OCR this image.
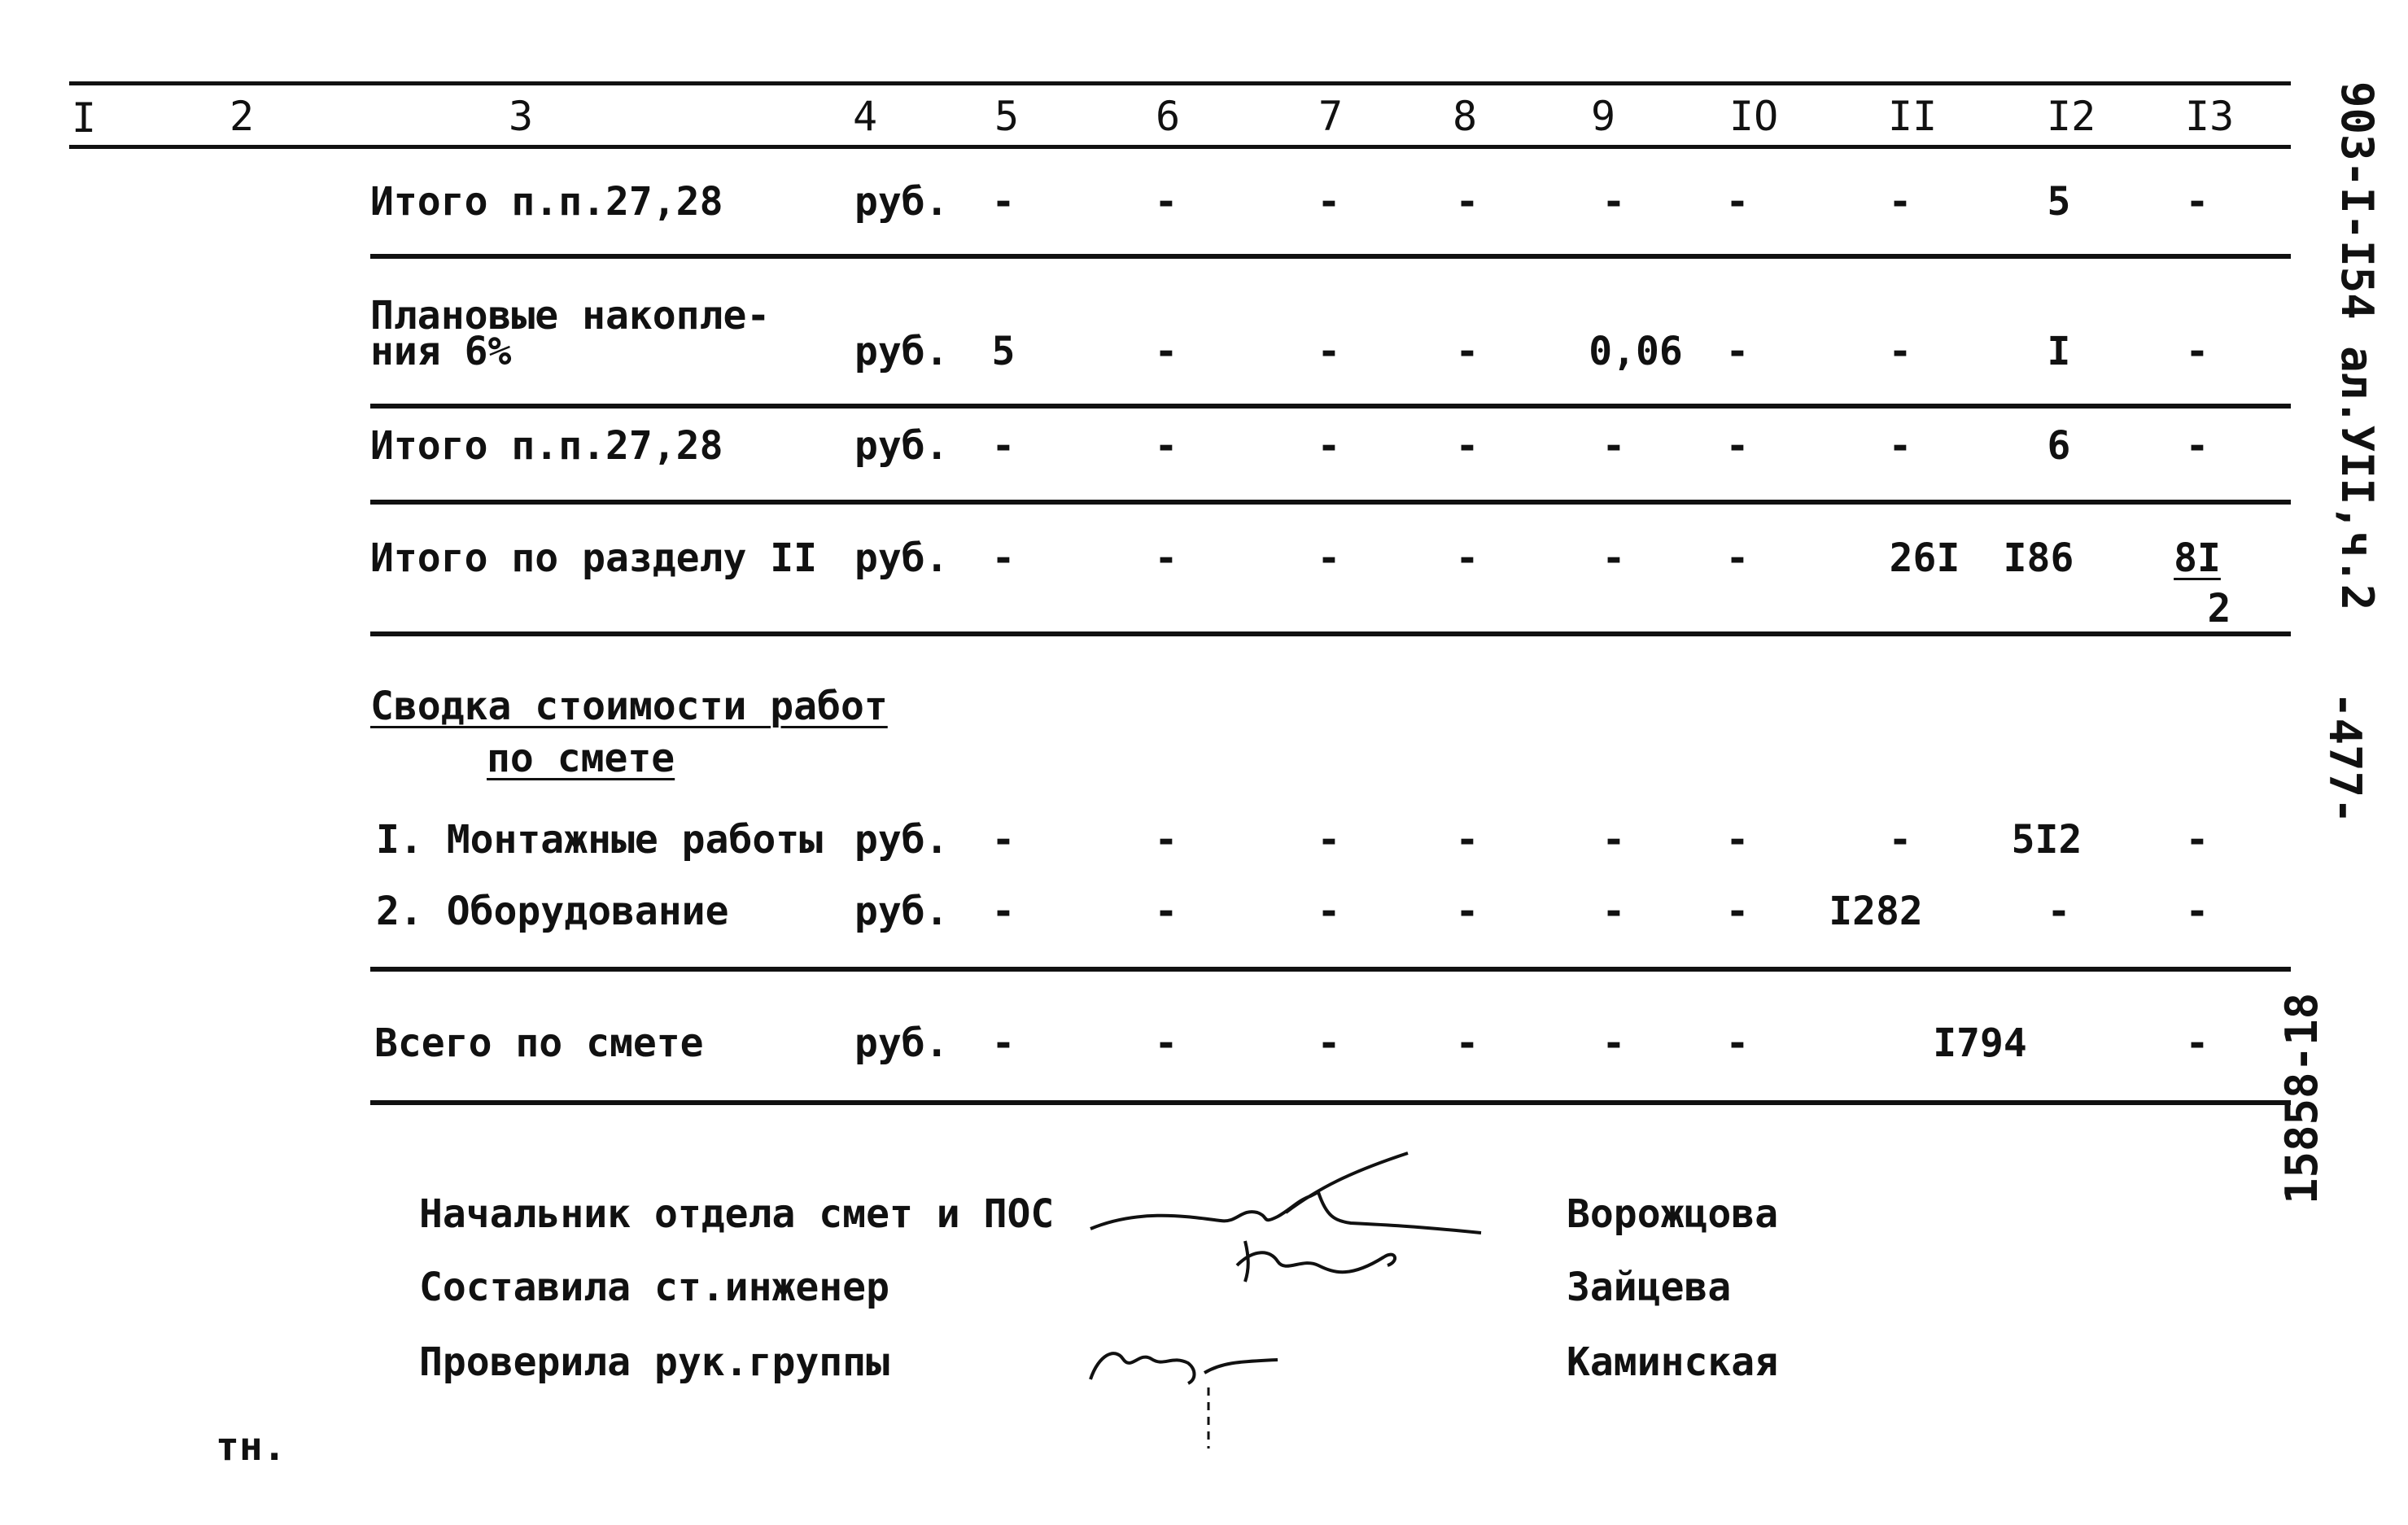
I	2	3	4	5	6	7	8	9	IO	II	I2 I3
Итого п.п.27,28	руб.	-	-	-	-	-	-	-	5	-
Плановые накопле-
ния 6%	руб.	5	-	-	-	0,06	-	-	I	-
Итого п.п.27,28	руб.	-	-	-	-	-	-	-	6	-
Итого по разделу II руб.	-	-	-	-	-	-	26I	I86	8I
2
Сводка стоимости работ
по смете
I. Монтажные работы руб.	-	-	-	-	-	-	-	5I2	-
2. Оборудование	руб.	-	-	-	-	-	-	I282	-	-
Всего по смете	руб.	-	-	-	-	-	-	I794	-
Начальник отдела смет и ПОС	Ворожцова
Составила ст.инженер	Зайцева
Проверила рук.группы	Каминская
тн.
903-I-I54 ал.УII,ч.2
-477-
15858-18
